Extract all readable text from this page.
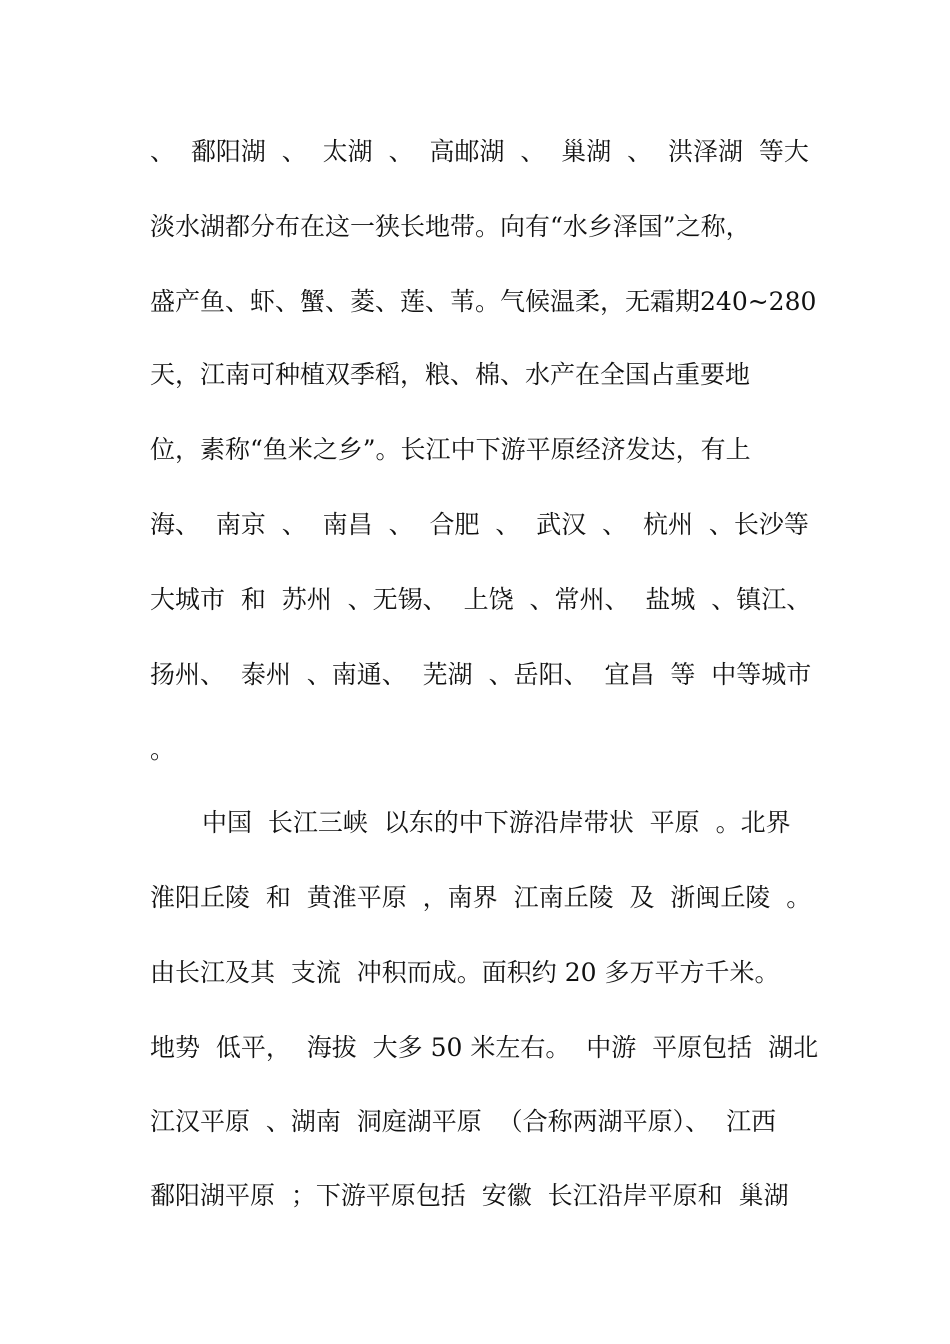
、  鄱阳湖  、  太湖  、  高邮湖  、  巢湖  、  洪泽湖  等大
淡水湖都分布在这一狭长地带。向有“水乡泽国”之称，
盛产鱼、虾、蟹、菱、莲、苇。气候温柔，无霜期240~280
天，江南可种植双季稻，粮、棉、水产在全国占重要地
位，素称“鱼米之乡”。长江中下游平原经济发达，有上
海、  南京  、  南昌  、  合肥  、  武汉  、  杭州  、长沙等
大城市  和  苏州  、无锡、  上饶  、常州、  盐城  、镇江、
扬州、  泰州  、南通、  芜湖  、岳阳、  宜昌  等  中等城市
。
中国  长江三峡  以东的中下游沿岸带状  平原  。北界
淮阳丘陵  和  黄淮平原  ，南界  江南丘陵  及  浙闽丘陵  。
由长江及其  支流  冲积而成。面积约 20 多万平方千米。
地势  低平，  海拔  大多 50 米左右。  中游  平原包括  湖北
江汉平原  、湖南  洞庭湖平原  （合称两湖平原）、  江西
鄱阳湖平原  ；下游平原包括  安徽  长江沿岸平原和  巢湖
